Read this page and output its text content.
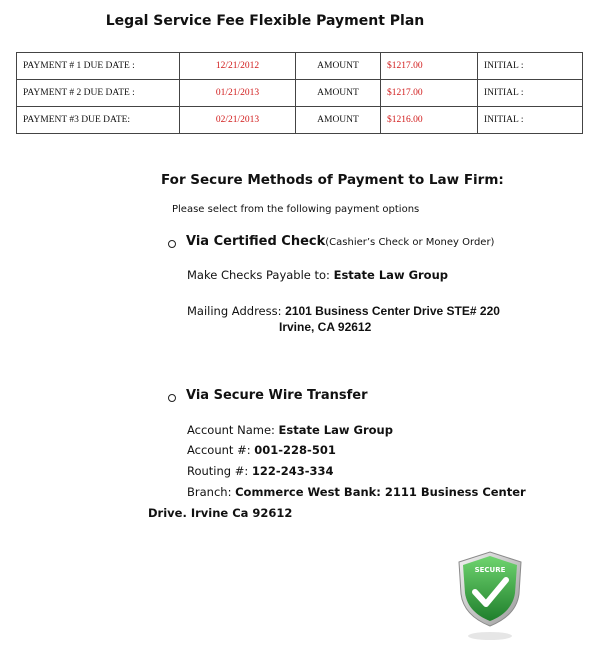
Legal Service Fee Flexible Payment Plan
PAYMENT # 1 DUE DATE :	12/21/2012	AMOUNT	$1217.00	INITIAL :
PAYMENT # 2 DUE DATE :	01/21/2013	AMOUNT	$1217.00	INITIAL :
PAYMENT #3 DUE DATE:	02/21/2013	AMOUNT	$1216.00	INITIAL :
For Secure Methods of Payment to Law Firm:
Please select from the following payment options
Via Certified Check(Cashier’s Check or Money Order)
Make Checks Payable to: Estate Law Group
Mailing Address: 2101 Business Center Drive STE# 220
Irvine, CA 92612
Via Secure Wire Transfer
Account Name: Estate Law Group
Account #: 001-228-501
Routing #: 122-243-334
Branch: Commerce West Bank: 2111 Business Center
Drive. Irvine Ca 92612
SECURE
